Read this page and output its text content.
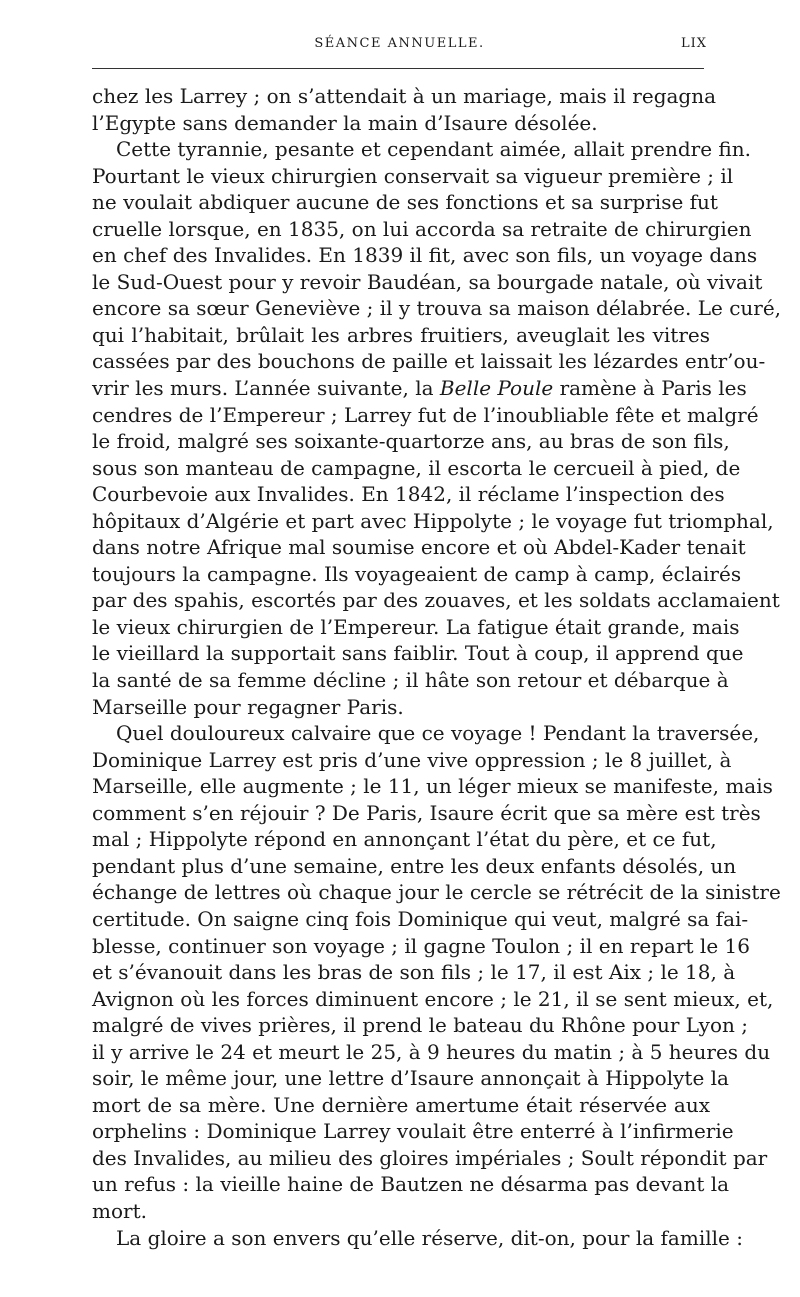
SÉANCE ANNUELLE.	LIX
chez les Larrey ; on s’attendait à un mariage, mais il regagna
l’Egypte sans demander la main d’Isaure désolée.
Cette tyrannie, pesante et cependant aimée, allait prendre fin.
Pourtant le vieux chirurgien conservait sa vigueur première ; il
ne voulait abdiquer aucune de ses fonctions et sa surprise fut
cruelle lorsque, en 1835, on lui accorda sa retraite de chirurgien
en chef des Invalides. En 1839 il fit, avec son fils, un voyage dans
le Sud-Ouest pour y revoir Baudéan, sa bourgade natale, où vivait
encore sa sœur Geneviève ; il y trouva sa maison délabrée. Le curé,
qui l’habitait, brûlait les arbres fruitiers, aveuglait les vitres
cassées par des bouchons de paille et laissait les lézardes entr’ou-
vrir les murs. L’année suivante, la Belle Poule ramène à Paris les
cendres de l’Empereur ; Larrey fut de l’inoubliable fête et malgré
le froid, malgré ses soixante-quartorze ans, au bras de son fils,
sous son manteau de campagne, il escorta le cercueil à pied, de
Courbevoie aux Invalides. En 1842, il réclame l’inspection des
hôpitaux d’Algérie et part avec Hippolyte ; le voyage fut triomphal,
dans notre Afrique mal soumise encore et où Abdel-Kader tenait
toujours la campagne. Ils voyageaient de camp à camp, éclairés
par des spahis, escortés par des zouaves, et les soldats acclamaient
le vieux chirurgien de l’Empereur. La fatigue était grande, mais
le vieillard la supportait sans faiblir. Tout à coup, il apprend que
la santé de sa femme décline ; il hâte son retour et débarque à
Marseille pour regagner Paris.
Quel douloureux calvaire que ce voyage ! Pendant la traversée,
Dominique Larrey est pris d’une vive oppression ; le 8 juillet, à
Marseille, elle augmente ; le 11, un léger mieux se manifeste, mais
comment s’en réjouir ? De Paris, Isaure écrit que sa mère est très
mal ; Hippolyte répond en annonçant l’état du père, et ce fut,
pendant plus d’une semaine, entre les deux enfants désolés, un
échange de lettres où chaque jour le cercle se rétrécit de la sinistre
certitude. On saigne cinq fois Dominique qui veut, malgré sa fai-
blesse, continuer son voyage ; il gagne Toulon ; il en repart le 16
et s’évanouit dans les bras de son fils ; le 17, il est Aix ; le 18, à
Avignon où les forces diminuent encore ; le 21, il se sent mieux, et,
malgré de vives prières, il prend le bateau du Rhône pour Lyon ;
il y arrive le 24 et meurt le 25, à 9 heures du matin ; à 5 heures du
soir, le même jour, une lettre d’Isaure annonçait à Hippolyte la
mort de sa mère. Une dernière amertume était réservée aux
orphelins : Dominique Larrey voulait être enterré à l’infirmerie
des Invalides, au milieu des gloires impériales ; Soult répondit par
un refus : la vieille haine de Bautzen ne désarma pas devant la
mort.
La gloire a son envers qu’elle réserve, dit-on, pour la famille :
